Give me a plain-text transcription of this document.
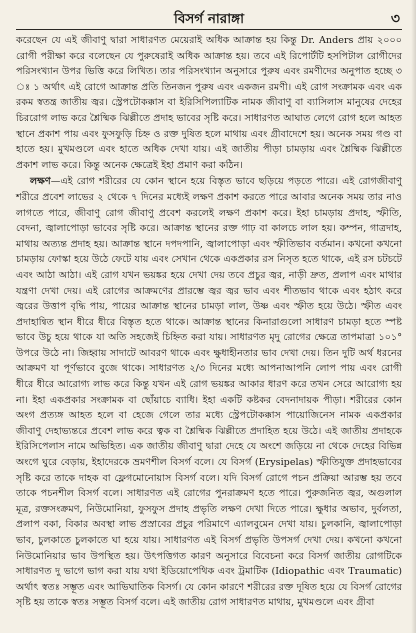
বিসর্গ নারাঙ্গা	৩

করেছেন যে এই জীবাণু দ্বারা সাধারণত মেয়েরাই অধিক আক্রান্ত হয় কিন্তু Dr. Anders প্রায় ২০০০ রোগী পরীক্ষা করে বলেছেন যে পুরুষেরাই অধিক আক্রান্ত হয়। তবে এই রিপোর্টটি হসপিটাল রোগীদের পরিসংখ্যান উপর ভিত্তি করে লিখিত। তার পরিসংখ্যান অনুসারে পুরুষ এবং রমণীদের অনুপাত হচ্ছে ৩ ঃ ১ অর্থাৎ এই রোগে আক্রান্ত প্রতি তিনজন পুরুষ এবং একজন রমণী। এই রোগ সংক্রামক এবং এক রকম স্বতন্ত্র জাতীয় জ্বর। স্ট্রেপটোকক্কাস বা ইরিসিপিল্যাটিক নামক জীবাণু বা ব্যাসিলাস মানুষের দেহের চিররোগ লাভ করে শ্লৈষ্মিক ঝিল্লীতে প্রদাহ ভাবের সৃষ্টি করে। সাধারণত আঘাত লেগে রোগ হলে আহত স্থানে প্রকাশ পায় এবং ফুসফুড়ি চিহ্ন ও রক্ত দুষিত হলে মাথায় এবং গ্রীবাদেশে হয়। অনেক সময় গণ্ড বা হাতে হয়। মুখমণ্ডলে এবং হাতে অধিক দেখা যায়। এই জাতীয় পীড়া চামড়ায় এবং শ্লৈষ্মিক ঝিল্লীতে প্রকাশ লাভ করে। কিন্তু অনেক ক্ষেত্রেই ইহা প্রমাণ করা কঠিন।

লক্ষণ—এই রোগ শরীরের যে কোন স্থানে হয়ে বিস্তৃত ভাবে ছড়িয়ে পড়তে পারে। এই রোগজীবাণু শরীরে প্রবেশ লাভের ২ থেকে ৭ দিনের মধ্যেই লক্ষণ প্রকাশ করতে পারে আবার অনেক সময় তার নাও লাগতে পারে, জীবাণু রোগ জীবাণু প্রবেশ করলেই লক্ষণ প্রকাশ করে। ইহা চামড়ায় প্রদাহ, স্ফীতি, বেদনা, জ্বালাপোড়া ভাবের সৃষ্টি করে। আক্রান্ত স্থানের রক্ত গাঢ় বা কালচে লাল হয়। কম্পন, গাত্রদাহ, মাথায় অত্যন্ত প্রদাহ হয়। আক্রান্ত স্থানে দপদপানি, জ্বালাপোড়া এবং স্ফীতিভাব বর্তমান। কখনো কখনো চামড়ায় ফোস্কা হয়ে উঠে ফেটে যায় এবং সেখান থেকে একপ্রকার রস নিসৃত হতে থাকে, এই রস চটচটে এবং আঠা আঠা। এই রোগ যখন ভয়ঙ্কর হয়ে দেখা দেয় তবে প্রচুর জ্বর, নাড়ী দ্রুত, প্রলাপ এবং মাথার যন্ত্রণা দেখা দেয়। এই রোগের আক্রমণের প্রারম্ভে জ্বর জ্বর ভাব এবং শীতভাব থাকে এবং হঠাৎ করে জ্বরের উত্তাপ বৃদ্ধি পায়, পায়ের আক্রান্ত স্থানের চামড়া লাল, উষ্ণ এবং স্ফীত হয়ে উঠে। স্ফীত এবং প্রদাহান্বিত স্থান ধীরে ধীরে বিস্তৃত হতে থাকে। আক্রান্ত স্থানের কিনারাগুলো সাধারণ চামড়া হতে স্পষ্ট ভাবে উচু হয়ে থাকে যা অতি সহজেই চিহ্নিত করা যায়। সাধারণত মৃদু রোগের ক্ষেত্রে তাপমাত্রা ১০১° উপরে উঠে না। জিহ্বায় সাদাটে আবরণ থাকে এবং ক্ষুধাহীনতার ভাব দেখা দেয়। তিন দুটি অর্থ ধরনের আক্রমণ যা পূর্ণভাবে বুজে থাকে। সাধারণত ২/৩ দিনের মধ্যে আপনাআপনি লোপ পায় এবং রোগী ধীরে ধীরে আরোগ্য লাভ করে কিন্তু যখন এই রোগ ভয়ঙ্কর আকার ধারণ করে তখন সেরে আরোগ্য হয় না। ইহা একপ্রকার সংক্রামক বা ছোঁয়াচে ব্যাধি। ইহা একটি কষ্টকর বেদনাদায়ক পীড়া। শরীরের কোন অংগ প্রত্যঙ্গ আহত হলে বা হেজে গেলে তার মধ্যে স্ট্রেপটোকক্কাস পায়োজিনেস নামক একপ্রকার জীবাণু দেহাভ্যন্তরে প্রবেশ লাভ করে ত্বক বা শ্লৈষ্মিক ঝিল্লীতে প্রদাহিত হয়ে উঠে। এই জাতীয় প্রদাহকে ইরিসিপেলাস নামে অভিহিত। এক জাতীয় জীবাণু দ্বারা দেহে যে অংশে জড়িয়ে না থেকে দেহের বিভিন্ন অংগে ঘুরে বেড়ায়, ইহাদেরকে ভ্রমণশীল বিসর্গ বলে। যে বিসর্গ (Erysipelas) স্ফীতিযুক্ত প্রদাহভাবের সৃষ্টি করে তাকে দাহক বা ফ্লেগমোনোয়াস বিসর্গ বলে। যদি বিসর্গ রোগে পচন প্রক্রিয়া আরম্ভ হয় তবে তাকে পচনশীল বিসর্গ বলে। সাধারণত এই রোগের পুনরাক্রমণ হতে পারে। পুরুজনিত জ্বর, অগুলাল মূত্র, রক্তসংক্রমণ, নিউমোনিয়া, ফুসফুস প্রদাহ প্রভৃতি লক্ষণ দেখা দিতে পারে। ক্ষুধার অভাব, দুর্বলতা, প্রলাপ বকা, বিকার অবস্থা লাভ প্রস্রাবের প্রচুর পরিমাণে এ্যালবুমেন দেখা যায়। চুলকানি, জ্বালাপোড়া ভাব, চুলকাতে চুলকাতে ঘা হয়ে যায়। সাধারণত এই বিসর্গ প্রভৃতি উপসর্গ দেখা দেয়। কখনো কখনো নিউমোনিয়ার ভাব উপস্থিত হয়। উৎপত্তিগত কারণ অনুসারে বিবেচনা করে বিসর্গ জাতীয় রোগটিকে সাধারণত দু ভাগে ভাগ করা যায় যথা ইডিয়োপেথিক এবং ট্রমাটিক (Idiopathic এবং Traumatic) অর্থাৎ স্বতঃ সম্ভূত এবং আভিঘাতিক বিসর্গ। যে কোন কারণে শরীরের রক্ত দূষিত হয়ে যে বিসর্গ রোগের সৃষ্টি হয় তাকে স্বতঃ সম্ভূত বিসর্গ বলে। এই জাতীয় রোগ সাধারণত মাথায়, মুখমণ্ডলে এবং গ্রীবা
